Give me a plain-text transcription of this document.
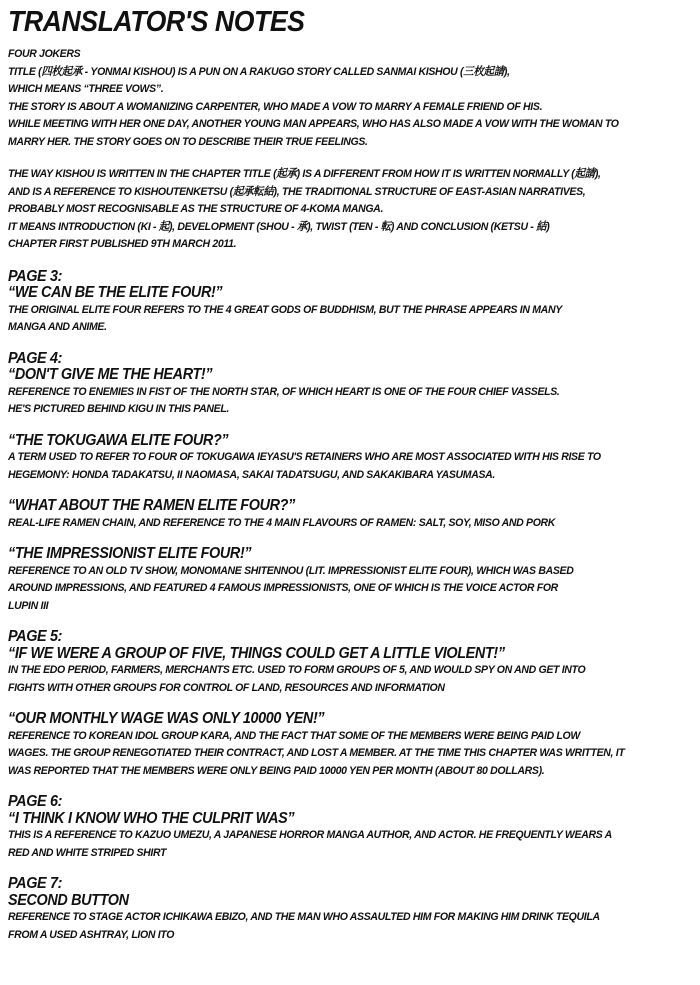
TRANSLATOR'S NOTES
FOUR JOKERS
TITLE (四枚起承 - YONMAI KISHOU) IS A PUN ON A RAKUGO STORY CALLED SANMAI KISHOU (三枚起請),
WHICH MEANS “THREE VOWS”.
THE STORY IS ABOUT A WOMANIZING CARPENTER, WHO MADE A VOW TO MARRY A FEMALE FRIEND OF HIS.
WHILE MEETING WITH HER ONE DAY, ANOTHER YOUNG MAN APPEARS, WHO HAS ALSO MADE A VOW WITH THE WOMAN TO
MARRY HER. THE STORY GOES ON TO DESCRIBE THEIR TRUE FEELINGS.
THE WAY KISHOU IS WRITTEN IN THE CHAPTER TITLE (起承) IS A DIFFERENT FROM HOW IT IS WRITTEN NORMALLY (起請),
AND IS A REFERENCE TO KISHOUTENKETSU (起承転結), THE TRADITIONAL STRUCTURE OF EAST-ASIAN NARRATIVES,
PROBABLY MOST RECOGNISABLE AS THE STRUCTURE OF 4-KOMA MANGA.
IT MEANS INTRODUCTION (KI - 起), DEVELOPMENT (SHOU - 承), TWIST (TEN - 転) AND CONCLUSION (KETSU - 結)
CHAPTER FIRST PUBLISHED 9TH MARCH 2011.
PAGE 3:
“WE CAN BE THE ELITE FOUR!”
THE ORIGINAL ELITE FOUR REFERS TO THE 4 GREAT GODS OF BUDDHISM, BUT THE PHRASE APPEARS IN MANY
MANGA AND ANIME.
PAGE 4:
“DON'T GIVE ME THE HEART!”
REFERENCE TO ENEMIES IN FIST OF THE NORTH STAR, OF WHICH HEART IS ONE OF THE FOUR CHIEF VASSELS.
HE'S PICTURED BEHIND KIGU IN THIS PANEL.
“THE TOKUGAWA ELITE FOUR?”
A TERM USED TO REFER TO FOUR OF TOKUGAWA IEYASU'S RETAINERS WHO ARE MOST ASSOCIATED WITH HIS RISE TO
HEGEMONY: HONDA TADAKATSU, II NAOMASA, SAKAI TADATSUGU, AND SAKAKIBARA YASUMASA.
“WHAT ABOUT THE RAMEN ELITE FOUR?”
REAL-LIFE RAMEN CHAIN, AND REFERENCE TO THE 4 MAIN FLAVOURS OF RAMEN: SALT, SOY, MISO AND PORK
“THE IMPRESSIONIST ELITE FOUR!”
REFERENCE TO AN OLD TV SHOW, MONOMANE SHITENNOU (LIT. IMPRESSIONIST ELITE FOUR), WHICH WAS BASED
AROUND IMPRESSIONS, AND FEATURED 4 FAMOUS IMPRESSIONISTS, ONE OF WHICH IS THE VOICE ACTOR FOR
LUPIN III
PAGE 5:
“IF WE WERE A GROUP OF FIVE, THINGS COULD GET A LITTLE VIOLENT!”
IN THE EDO PERIOD, FARMERS, MERCHANTS ETC. USED TO FORM GROUPS OF 5, AND WOULD SPY ON AND GET INTO
FIGHTS WITH OTHER GROUPS FOR CONTROL OF LAND, RESOURCES AND INFORMATION
“OUR MONTHLY WAGE WAS ONLY 10000 YEN!”
REFERENCE TO KOREAN IDOL GROUP KARA, AND THE FACT THAT SOME OF THE MEMBERS WERE BEING PAID LOW
WAGES. THE GROUP RENEGOTIATED THEIR CONTRACT, AND LOST A MEMBER. AT THE TIME THIS CHAPTER WAS WRITTEN, IT
WAS REPORTED THAT THE MEMBERS WERE ONLY BEING PAID 10000 YEN PER MONTH (ABOUT 80 DOLLARS).
PAGE 6:
“I THINK I KNOW WHO THE CULPRIT WAS”
THIS IS A REFERENCE TO KAZUO UMEZU, A JAPANESE HORROR MANGA AUTHOR, AND ACTOR. HE FREQUENTLY WEARS A
RED AND WHITE STRIPED SHIRT
PAGE 7:
SECOND BUTTON
REFERENCE TO STAGE ACTOR ICHIKAWA EBIZO, AND THE MAN WHO ASSAULTED HIM FOR MAKING HIM DRINK TEQUILA
FROM A USED ASHTRAY, LION ITO
